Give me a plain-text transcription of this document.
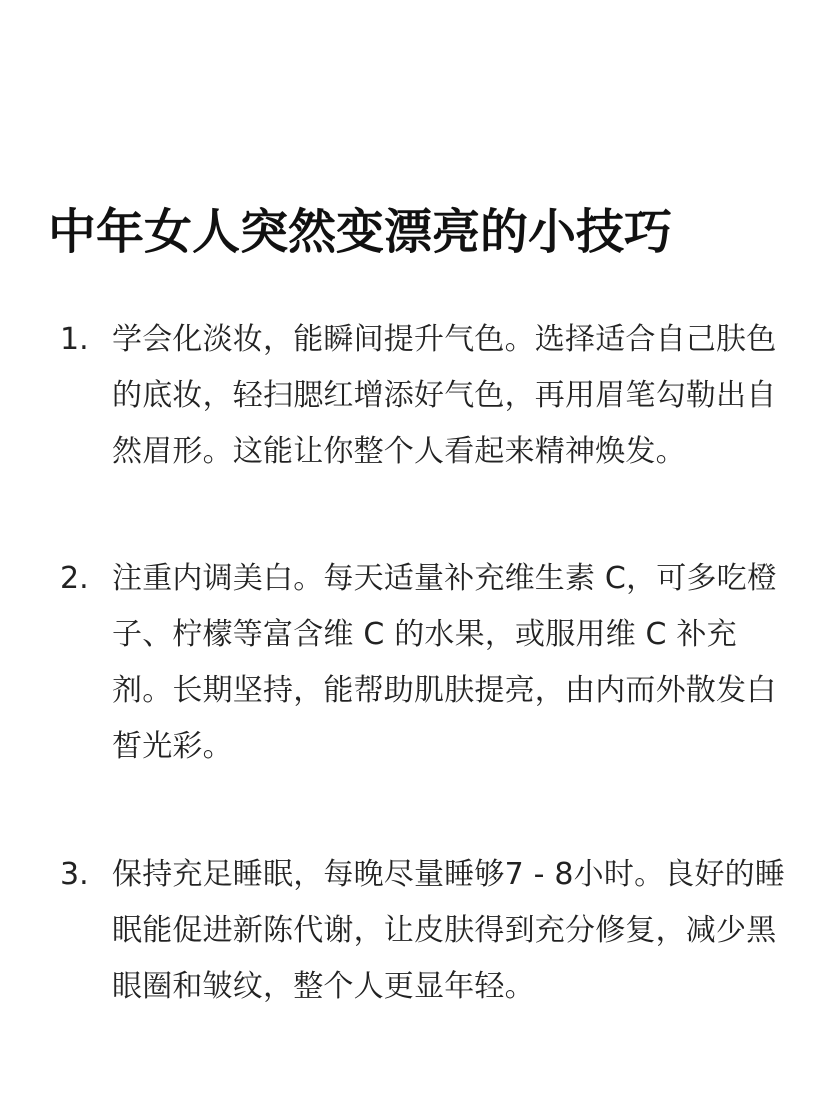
中年女人突然变漂亮的小技巧
1. 学会化淡妆，能瞬间提升气色。选择适合自己肤色的底妆，轻扫腮红增添好气色，再用眉笔勾勒出自然眉形。这能让你整个人看起来精神焕发。
2. 注重内调美白。每天适量补充维生素 C，可多吃橙子、柠檬等富含维 C 的水果，或服用维 C 补充剂。长期坚持，能帮助肌肤提亮，由内而外散发白皙光彩。
3. 保持充足睡眠，每晚尽量睡够7 - 8小时。良好的睡眠能促进新陈代谢，让皮肤得到充分修复，减少黑眼圈和皱纹，整个人更显年轻。
